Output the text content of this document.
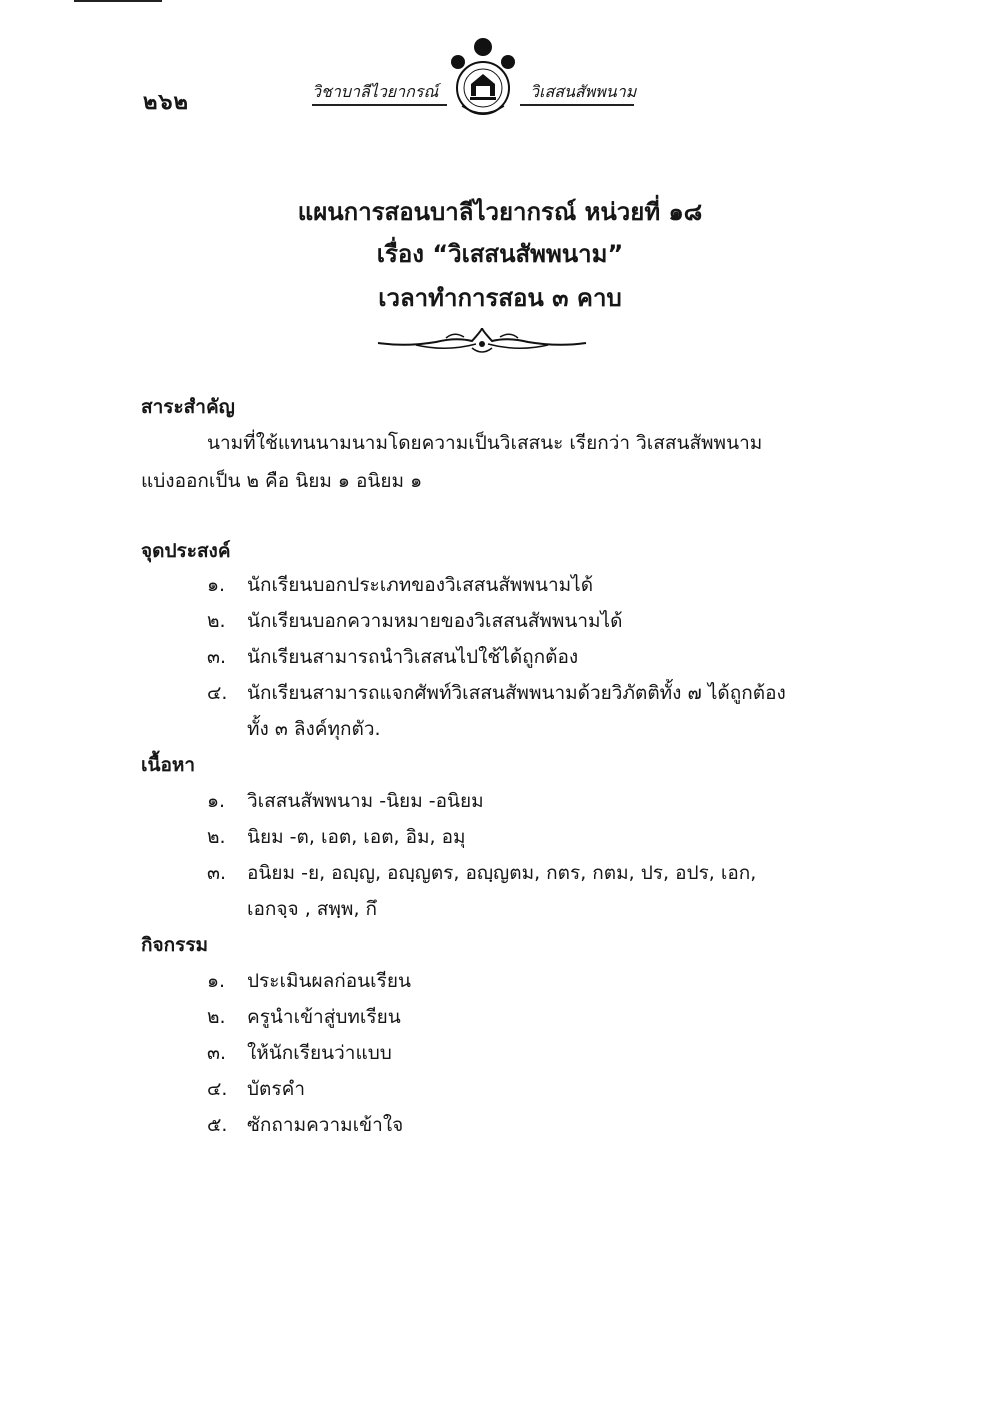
๒๖๒	วิชาบาลีไวยากรณ์	วิเสสนสัพพนาม
แผนการสอนบาลีไวยากรณ์ หน่วยที่ ๑๘
เรื่อง “วิเสสนสัพพนาม”
เวลาทำการสอน ๓ คาบ
สาระสำคัญ
นามที่ใช้แทนนามนามโดยความเป็นวิเสสนะ เรียกว่า วิเสสนสัพพนาม
แบ่งออกเป็น ๒ คือ นิยม ๑ อนิยม ๑
จุดประสงค์
๑. นักเรียนบอกประเภทของวิเสสนสัพพนามได้
๒. นักเรียนบอกความหมายของวิเสสนสัพพนามได้
๓. นักเรียนสามารถนำวิเสสนไปใช้ได้ถูกต้อง
๔. นักเรียนสามารถแจกศัพท์วิเสสนสัพพนามด้วยวิภัตติทั้ง ๗ ได้ถูกต้อง
ทั้ง ๓ ลิงค์ทุกตัว.
เนื้อหา
๑. วิเสสนสัพพนาม -นิยม -อนิยม
๒. นิยม -ต, เอต, เอต, อิม, อมุ
๓. อนิยม -ย, อญฺญ, อญฺญตร, อญฺญตม, กตร, กตม, ปร, อปร, เอก,
เอกจฺจ , สพฺพ, กึ
กิจกรรม
๑. ประเมินผลก่อนเรียน
๒. ครูนำเข้าสู่บทเรียน
๓. ให้นักเรียนว่าแบบ
๔. บัตรคำ
๕. ซักถามความเข้าใจ
